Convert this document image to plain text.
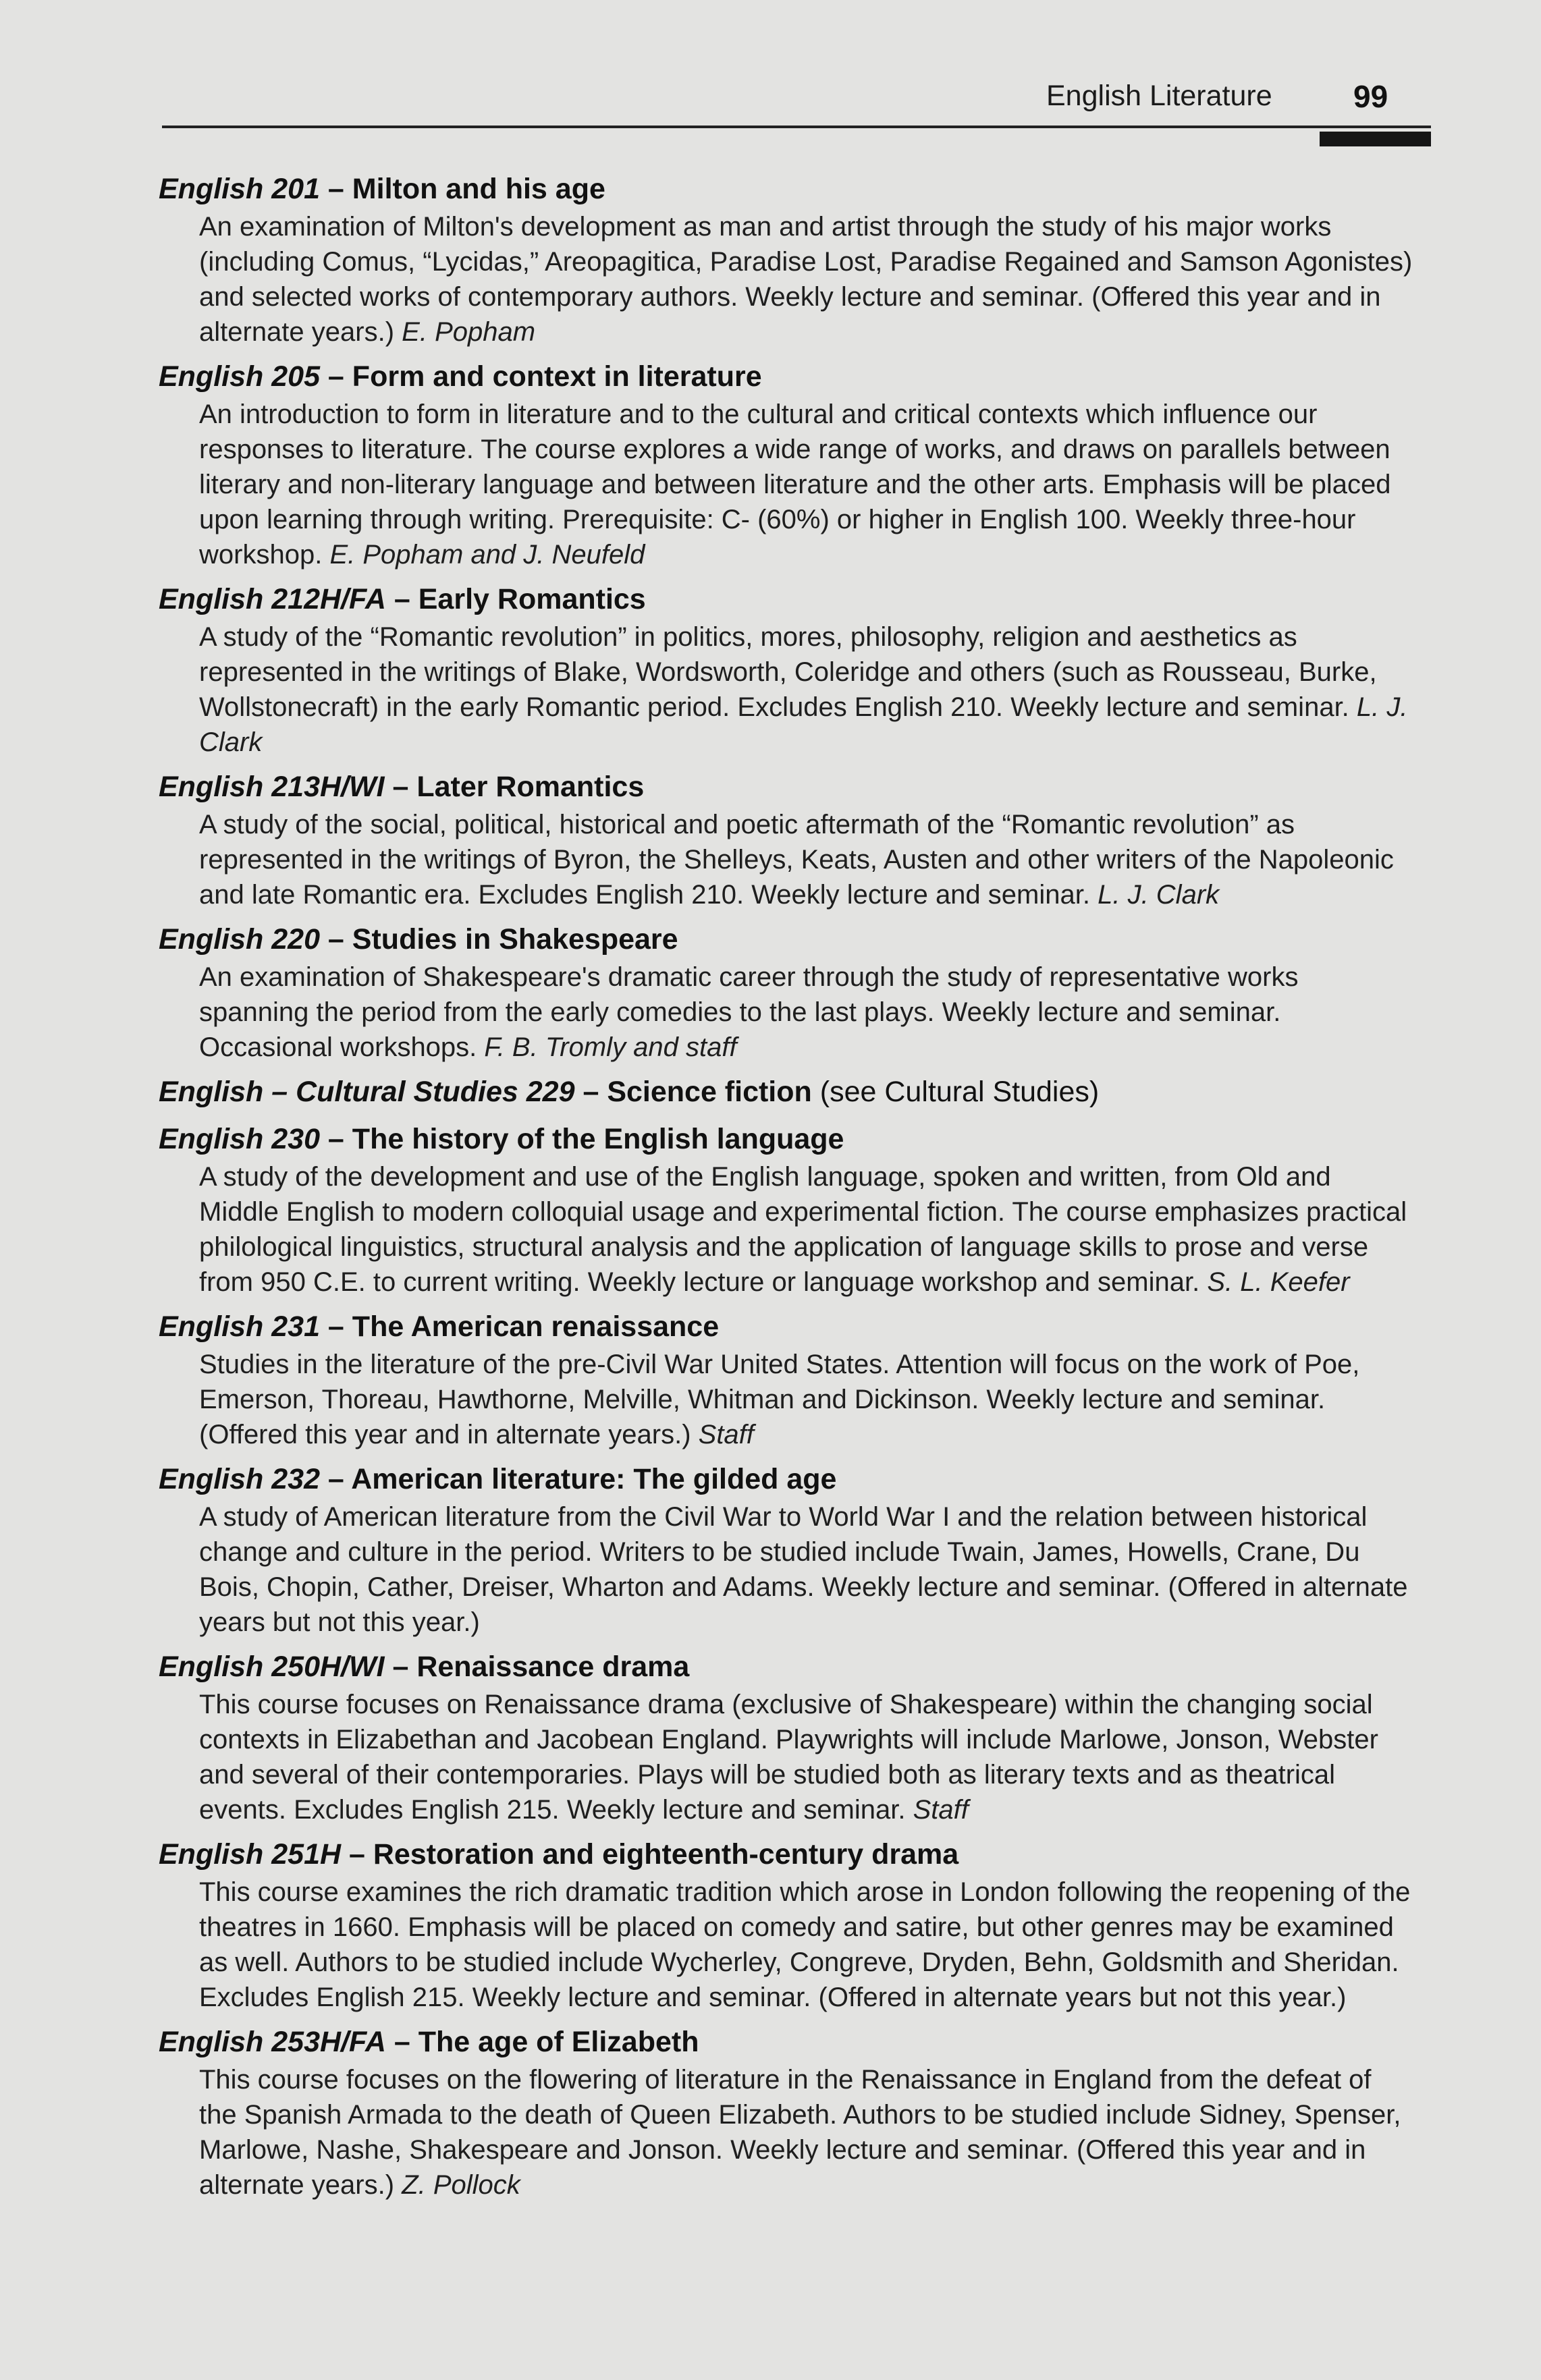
English Literature	99
English 201 – Milton and his age
An examination of Milton's development as man and artist through the study of his major works (including Comus, “Lycidas,” Areopagitica, Paradise Lost, Paradise Regained and Samson Agonistes) and selected works of contemporary authors. Weekly lecture and seminar. (Offered this year and in alternate years.) E. Popham
English 205 – Form and context in literature
An introduction to form in literature and to the cultural and critical contexts which influence our responses to literature. The course explores a wide range of works, and draws on parallels between literary and non-literary language and between literature and the other arts. Emphasis will be placed upon learning through writing. Prerequisite: C- (60%) or higher in English 100. Weekly three-hour workshop. E. Popham and J. Neufeld
English 212H/FA – Early Romantics
A study of the “Romantic revolution” in politics, mores, philosophy, religion and aesthetics as represented in the writings of Blake, Wordsworth, Coleridge and others (such as Rousseau, Burke, Wollstonecraft) in the early Romantic period. Excludes English 210. Weekly lecture and seminar. L. J. Clark
English 213H/WI – Later Romantics
A study of the social, political, historical and poetic aftermath of the “Romantic revolution” as represented in the writings of Byron, the Shelleys, Keats, Austen and other writers of the Napoleonic and late Romantic era. Excludes English 210. Weekly lecture and seminar. L. J. Clark
English 220 – Studies in Shakespeare
An examination of Shakespeare's dramatic career through the study of representative works spanning the period from the early comedies to the last plays. Weekly lecture and seminar. Occasional workshops. F. B. Tromly and staff
English – Cultural Studies 229 – Science fiction (see Cultural Studies)
English 230 – The history of the English language
A study of the development and use of the English language, spoken and written, from Old and Middle English to modern colloquial usage and experimental fiction. The course emphasizes practical philological linguistics, structural analysis and the application of language skills to prose and verse from 950 C.E. to current writing. Weekly lecture or language workshop and seminar. S. L. Keefer
English 231 – The American renaissance
Studies in the literature of the pre-Civil War United States. Attention will focus on the work of Poe, Emerson, Thoreau, Hawthorne, Melville, Whitman and Dickinson. Weekly lecture and seminar. (Offered this year and in alternate years.) Staff
English 232 – American literature: The gilded age
A study of American literature from the Civil War to World War I and the relation between historical change and culture in the period. Writers to be studied include Twain, James, Howells, Crane, Du Bois, Chopin, Cather, Dreiser, Wharton and Adams. Weekly lecture and seminar. (Offered in alternate years but not this year.)
English 250H/WI – Renaissance drama
This course focuses on Renaissance drama (exclusive of Shakespeare) within the changing social contexts in Elizabethan and Jacobean England. Playwrights will include Marlowe, Jonson, Webster and several of their contemporaries. Plays will be studied both as literary texts and as theatrical events. Excludes English 215. Weekly lecture and seminar. Staff
English 251H – Restoration and eighteenth-century drama
This course examines the rich dramatic tradition which arose in London following the reopening of the theatres in 1660. Emphasis will be placed on comedy and satire, but other genres may be examined as well. Authors to be studied include Wycherley, Congreve, Dryden, Behn, Goldsmith and Sheridan. Excludes English 215. Weekly lecture and seminar. (Offered in alternate years but not this year.)
English 253H/FA – The age of Elizabeth
This course focuses on the flowering of literature in the Renaissance in England from the defeat of the Spanish Armada to the death of Queen Elizabeth. Authors to be studied include Sidney, Spenser, Marlowe, Nashe, Shakespeare and Jonson. Weekly lecture and seminar. (Offered this year and in alternate years.) Z. Pollock
